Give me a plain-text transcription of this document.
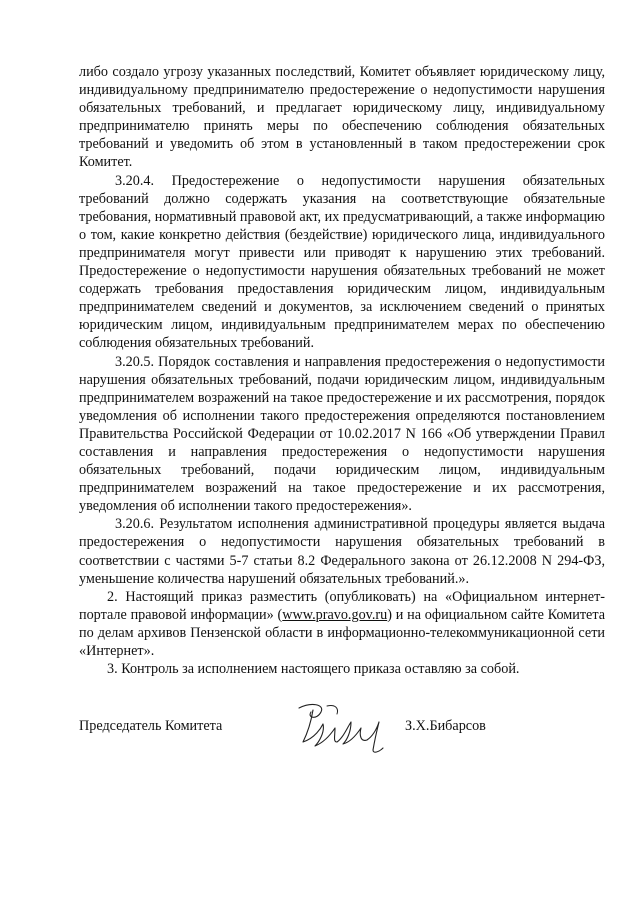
либо создало угрозу указанных последствий, Комитет объявляет юридическому лицу, индивидуальному предпринимателю предостережение о недопустимости нарушения обязательных требований, и предлагает юридическому лицу, индивидуальному предпринимателю принять меры по обеспечению соблюдения обязательных требований и уведомить об этом в установленный в таком предостережении срок Комитет.

3.20.4. Предостережение о недопустимости нарушения обязательных требований должно содержать указания на соответствующие обязательные требования, нормативный правовой акт, их предусматривающий, а также информацию о том, какие конкретно действия (бездействие) юридического лица, индивидуального предпринимателя могут привести или приводят к нарушению этих требований. Предостережение о недопустимости нарушения обязательных требований не может содержать требования предоставления юридическим лицом, индивидуальным предпринимателем сведений и документов, за исключением сведений о принятых юридическим лицом, индивидуальным предпринимателем мерах по обеспечению соблюдения обязательных требований.

3.20.5. Порядок составления и направления предостережения о недопустимости нарушения обязательных требований, подачи юридическим лицом, индивидуальным предпринимателем возражений на такое предостережение и их рассмотрения, порядок уведомления об исполнении такого предостережения определяются постановлением Правительства Российской Федерации от 10.02.2017 N 166 «Об утверждении Правил составления и направления предостережения о недопустимости нарушения обязательных требований, подачи юридическим лицом, индивидуальным предпринимателем возражений на такое предостережение и их рассмотрения, уведомления об исполнении такого предостережения».

3.20.6. Результатом исполнения административной процедуры является выдача предостережения о недопустимости нарушения обязательных требований в соответствии с частями 5-7 статьи 8.2 Федерального закона от 26.12.2008 N 294-ФЗ, уменьшение количества нарушений обязательных требований.».

2. Настоящий приказ разместить (опубликовать) на «Официальном интернет-портале правовой информации» (www.pravo.gov.ru) и на официальном сайте Комитета по делам архивов Пензенской области в информационно-телекоммуникационной сети «Интернет».

3. Контроль за исполнением настоящего приказа оставляю за собой.

Председатель Комитета	З.Х.Бибарсов
